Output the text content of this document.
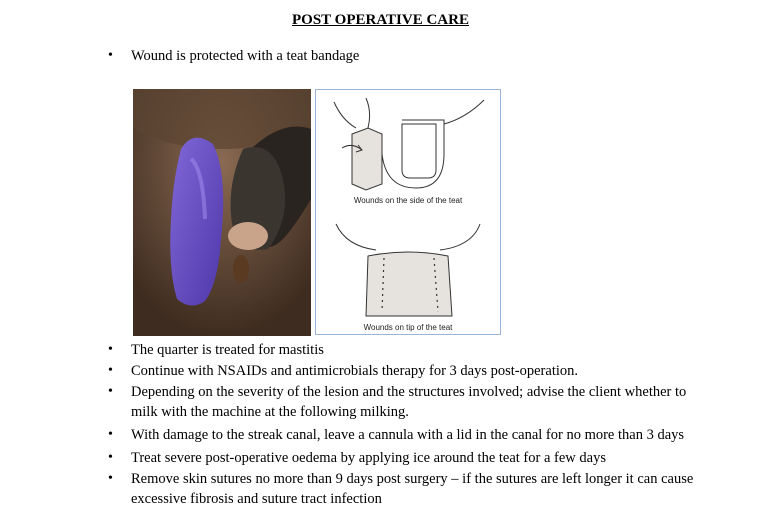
POST OPERATIVE CARE
• Wound is protected with a teat bandage
Wounds on the side of the teat
Wounds on tip of the teat
• The quarter is treated for mastitis
• Continue with NSAIDs and antimicrobials therapy for 3 days post-operation.
• Depending on the severity of the lesion and the structures involved; advise the client whether to milk with the machine at the following milking.
• With damage to the streak canal, leave a cannula with a lid in the canal for no more than 3 days
• Treat severe post-operative oedema by applying ice around the teat for a few days
• Remove skin sutures no more than 9 days post surgery – if the sutures are left longer it can cause excessive fibrosis and suture tract infection
